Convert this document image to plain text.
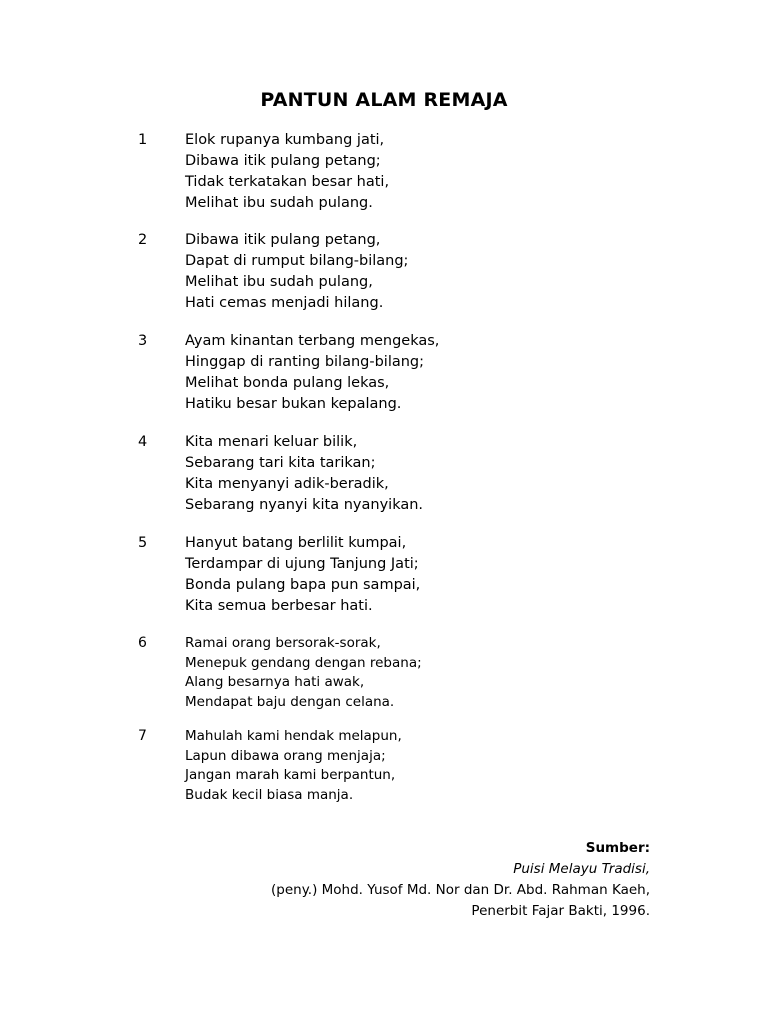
PANTUN ALAM REMAJA
1	Elok rupanya kumbang jati,
Dibawa itik pulang petang;
Tidak terkatakan besar hati,
Melihat ibu sudah pulang.
2	Dibawa itik pulang petang,
Dapat di rumput bilang-bilang;
Melihat ibu sudah pulang,
Hati cemas menjadi hilang.
3	Ayam kinantan terbang mengekas,
Hinggap di ranting bilang-bilang;
Melihat bonda pulang lekas,
Hatiku besar bukan kepalang.
4	Kita menari keluar bilik,
Sebarang tari kita tarikan;
Kita menyanyi adik-beradik,
Sebarang nyanyi kita nyanyikan.
5	Hanyut batang berlilit kumpai,
Terdampar di ujung Tanjung Jati;
Bonda pulang bapa pun sampai,
Kita semua berbesar hati.
6	Ramai orang bersorak-sorak,
Menepuk gendang dengan rebana;
Alang besarnya hati awak,
Mendapat baju dengan celana.
7	Mahulah kami hendak melapun,
Lapun dibawa orang menjaja;
Jangan marah kami berpantun,
Budak kecil biasa manja.
Sumber:
Puisi Melayu Tradisi,
(peny.) Mohd. Yusof Md. Nor dan Dr. Abd. Rahman Kaeh,
Penerbit Fajar Bakti, 1996.
